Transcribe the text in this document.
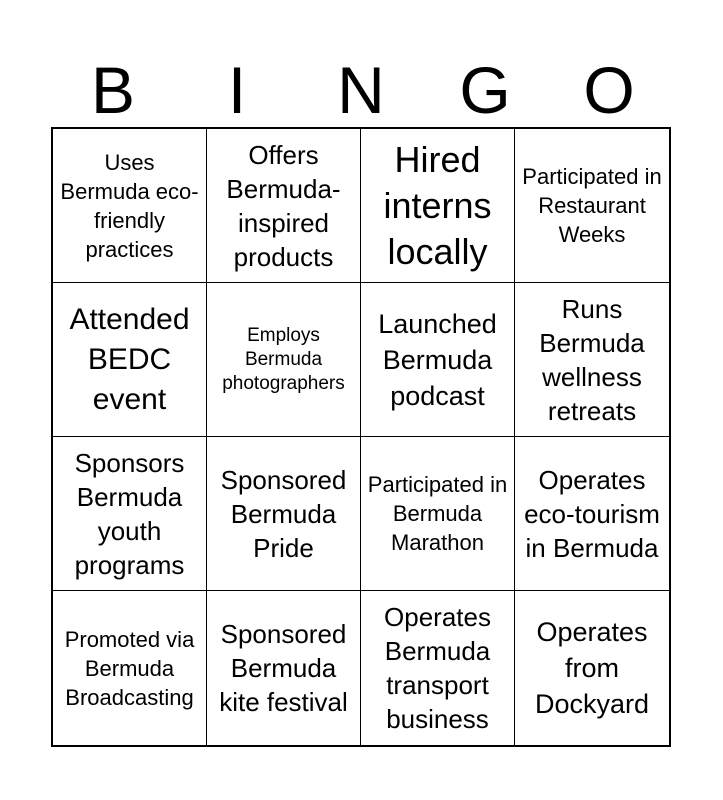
B	I	N	G	O
Uses Bermuda eco-friendly practices
Offers Bermuda-inspired products
Hired interns locally
Participated in Restaurant Weeks
Attended BEDC event
Employs Bermuda photographers
Launched Bermuda podcast
Runs Bermuda wellness retreats
Sponsors Bermuda youth programs
Sponsored Bermuda Pride
Participated in Bermuda Marathon
Operates eco-tourism in Bermuda
Promoted via Bermuda Broadcasting
Sponsored Bermuda kite festival
Operates Bermuda transport business
Operates from Dockyard
